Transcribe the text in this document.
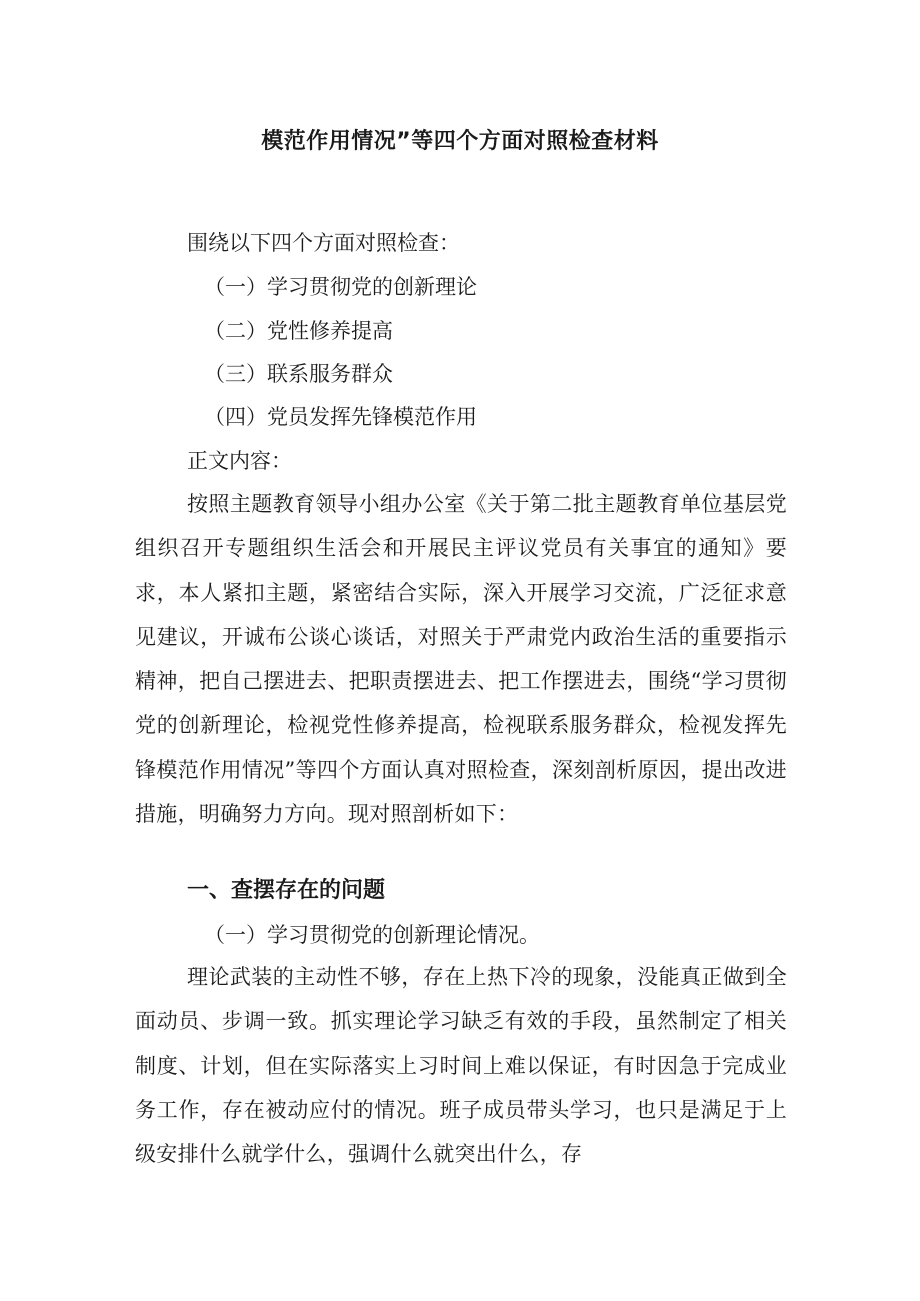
模范作用情况”等四个方面对照检查材料
围绕以下四个方面对照检查：
（一）学习贯彻党的创新理论
（二）党性修养提高
（三）联系服务群众
（四）党员发挥先锋模范作用
正文内容：
按照主题教育领导小组办公室《关于第二批主题教育单位基层党组织召开专题组织生活会和开展民主评议党员有关事宜的通知》要求，本人紧扣主题，紧密结合实际，深入开展学习交流，广泛征求意见建议，开诚布公谈心谈话，对照关于严肃党内政治生活的重要指示精神，把自己摆进去、把职责摆进去、把工作摆进去，围绕“学习贯彻党的创新理论，检视党性修养提高，检视联系服务群众，检视发挥先锋模范作用情况”等四个方面认真对照检查，深刻剖析原因，提出改进措施，明确努力方向。现对照剖析如下：
一、查摆存在的问题
（一）学习贯彻党的创新理论情况。
理论武装的主动性不够，存在上热下冷的现象，没能真正做到全面动员、步调一致。抓实理论学习缺乏有效的手段，虽然制定了相关制度、计划，但在实际落实上习时间上难以保证，有时因急于完成业务工作，存在被动应付的情况。班子成员带头学习，也只是满足于上级安排什么就学什么，强调什么就突出什么，存
